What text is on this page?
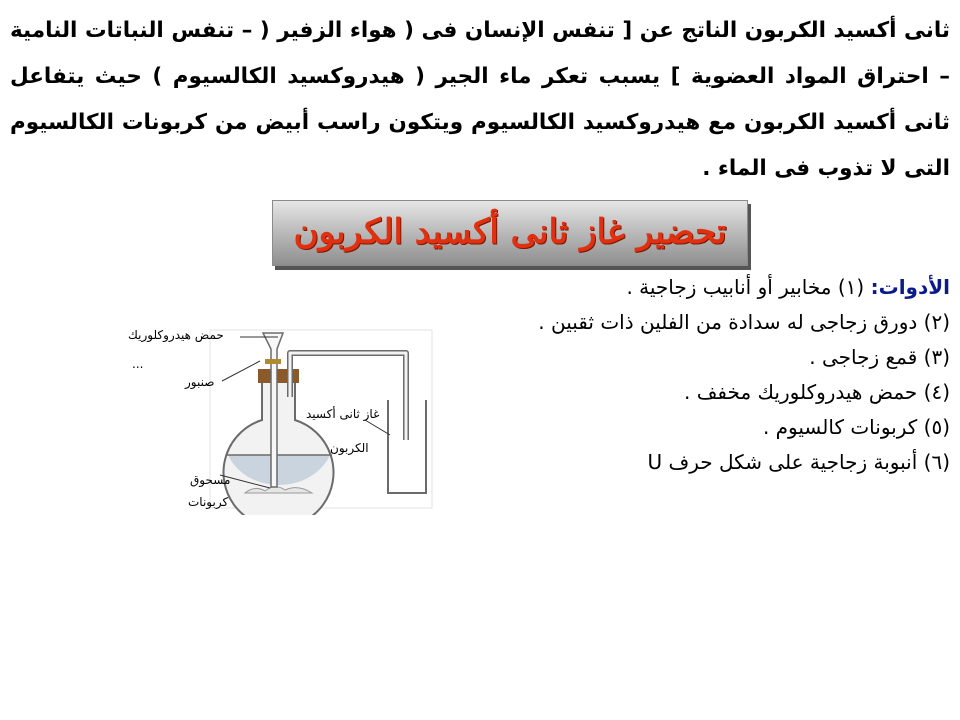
ثانى أكسيد الكربون الناتج عن [ تنفس الإنسان فى ( هواء الزفير ( – تنفس النباتات النامية – احتراق المواد العضوية ] يسبب تعكر ماء الجير ( هيدروكسيد الكالسيوم ) حيث يتفاعل ثانى أكسيد الكربون مع هيدروكسيد الكالسيوم ويتكون راسب أبيض من كربونات الكالسيوم التى لا تذوب فى الماء .
تحضير غاز ثانى أكسيد الكربون
الأدوات: (١) مخابير أو أنابيب زجاجية .
(٢) دورق زجاجى له سدادة من الفلين ذات ثقبين .
(٣) قمع زجاجى .
(٤) حمض هيدروكلوريك مخفف .
(٥) كربونات كالسيوم .
(٦) أنبوبة زجاجية على شكل حرف U
حمض هيدروكلوريك
...
صنبور
غاز ثانى أكسيد
الكربون
مسحوق
كربونات
